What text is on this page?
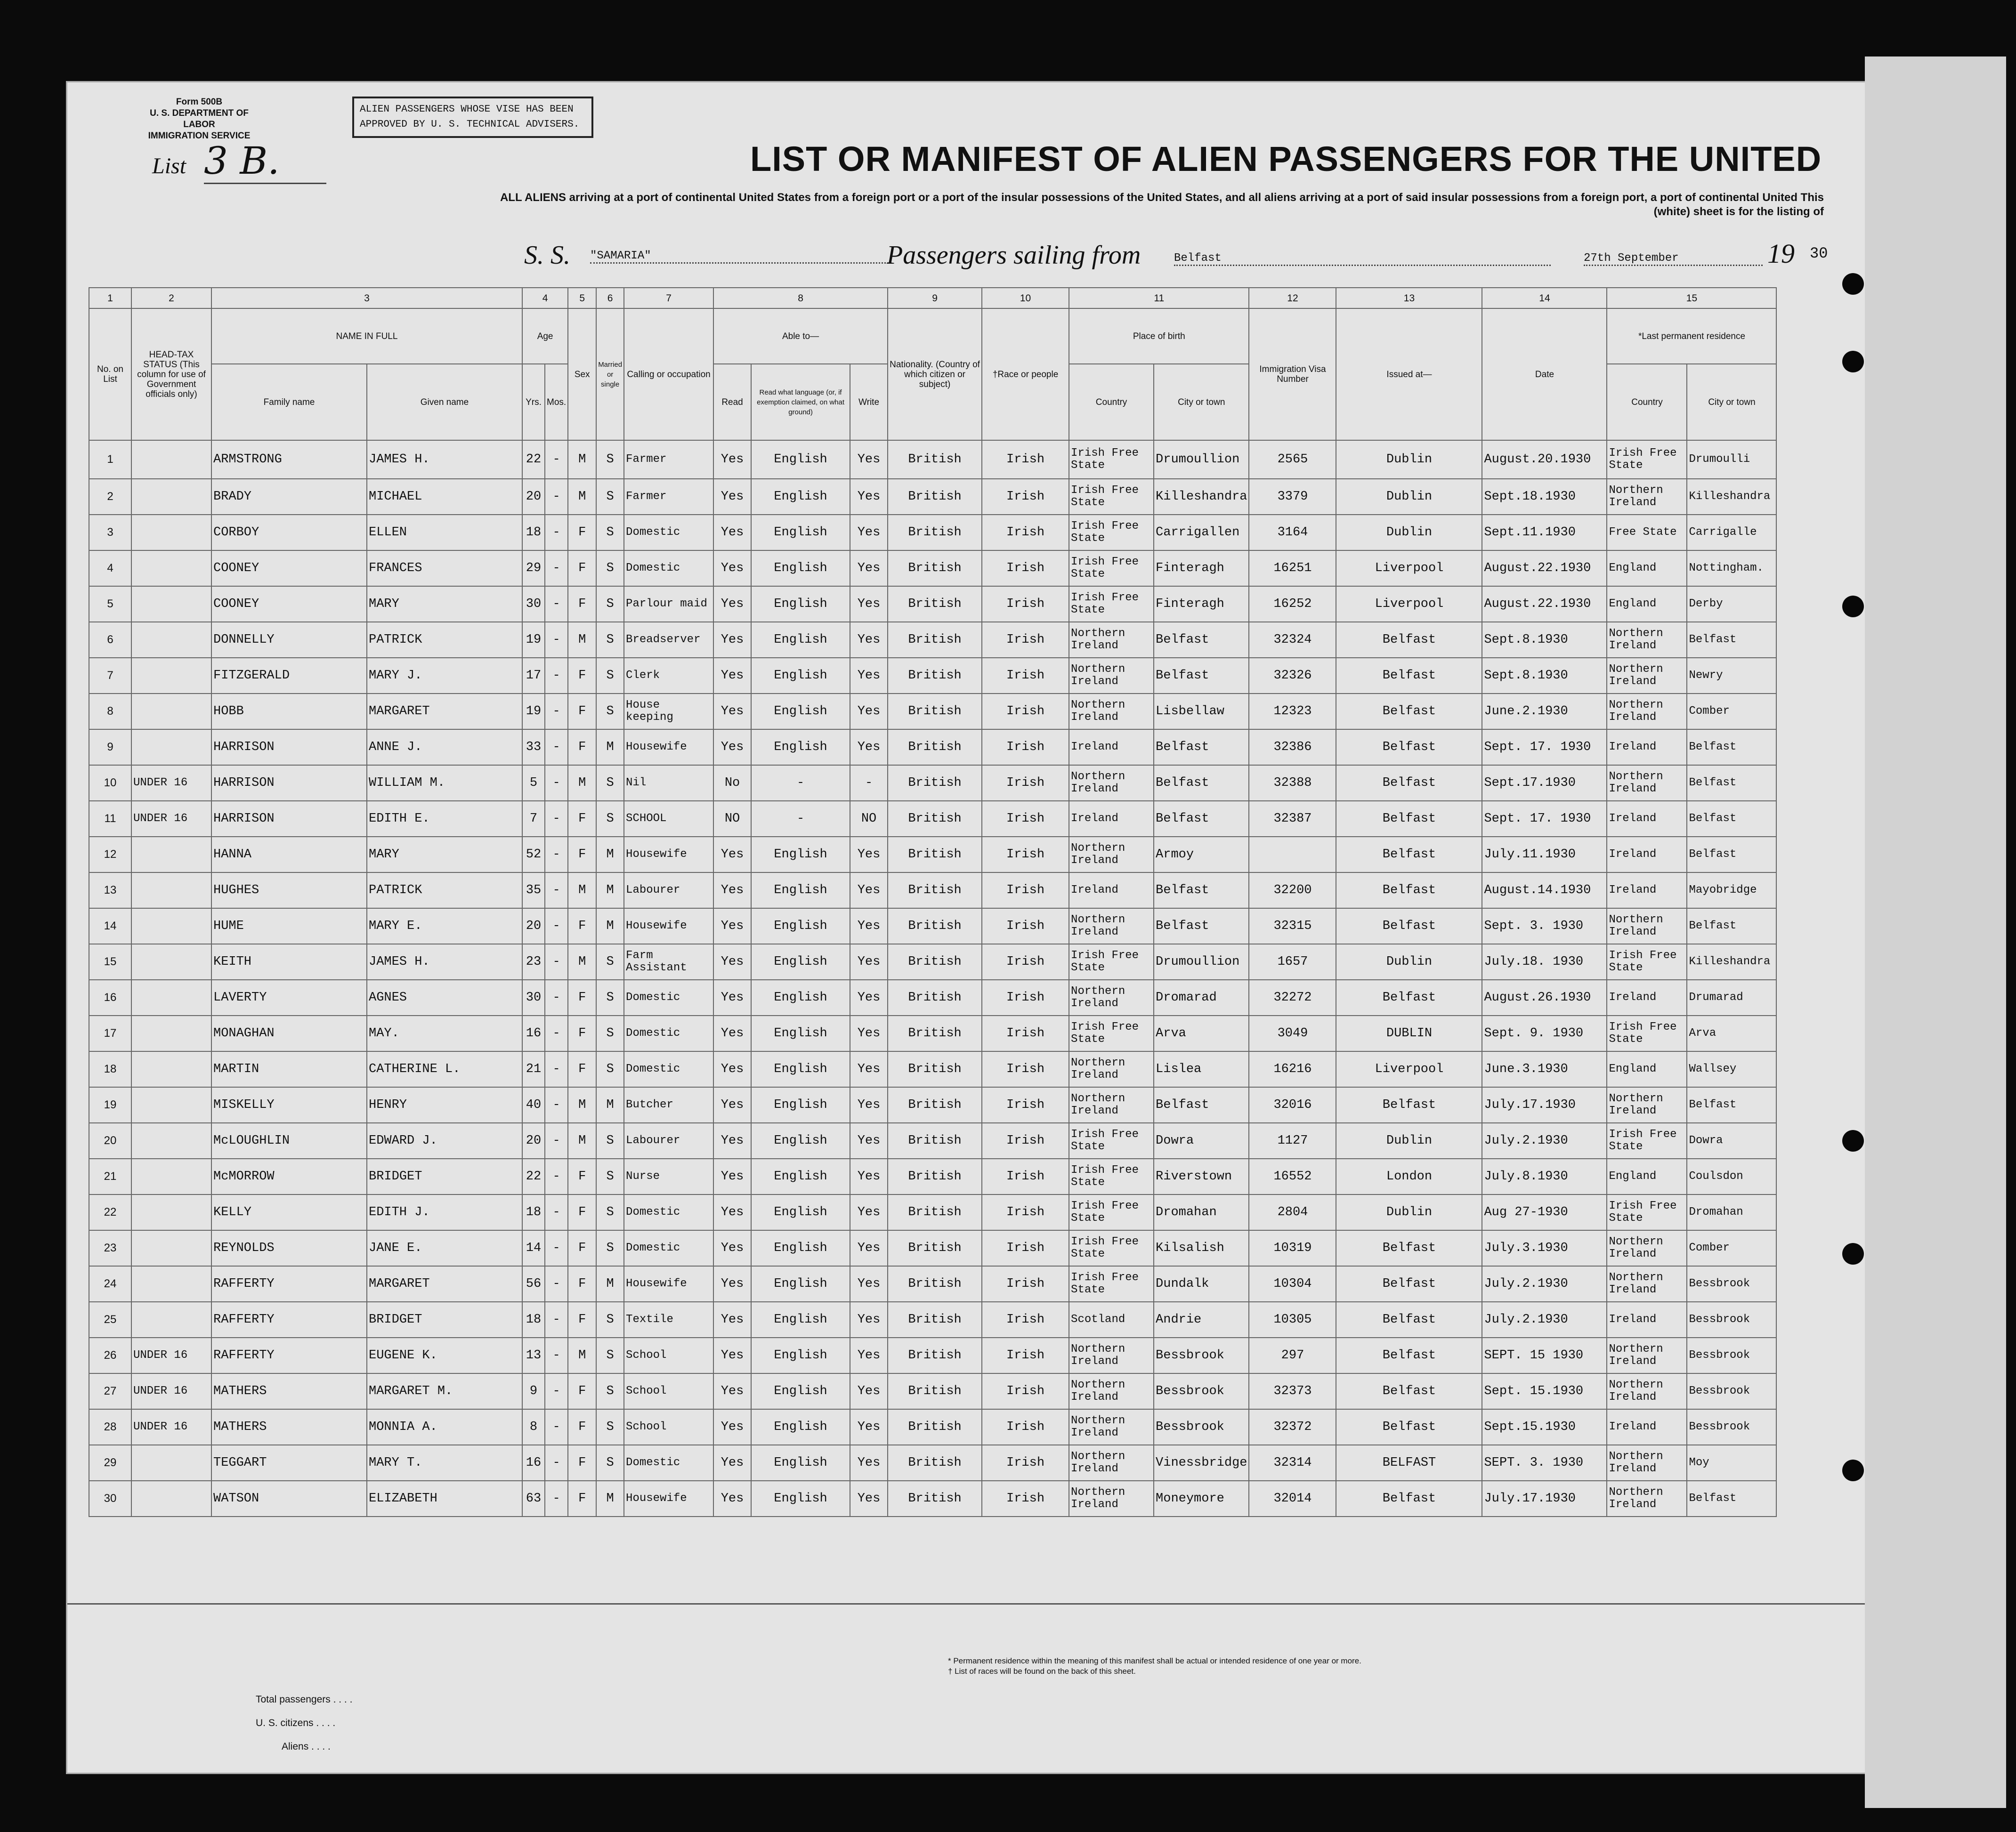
Form 500B
U. S. DEPARTMENT OF LABOR
IMMIGRATION SERVICE
ALIEN PASSENGERS WHOSE VISE HAS BEEN
APPROVED BY U. S. TECHNICAL ADVISERS.
List 3 B.	LIST OR MANIFEST OF ALIEN PASSENGERS FOR THE UNITED
ALL ALIENS arriving at a port of continental United States from a foreign port or a port of the insular possessions of the United States, and all aliens arriving at a port of said insular possessions from a foreign port, a port of continental United This (white) sheet is for the listing of
S. S. "SAMARIA"	Passengers sailing from	Belfast	27th September	19 30
1	2	3		4		5	6	7	8			9	10	11		12	13	14	15	
No. on List	HEAD-TAX STATUS (This column for use of Government officials only)	NAME IN FULL		Age		Sex	Married or single	Calling or occupation	Able to—			Nationality. (Country of which citizen or subject)	†Race or people	Place of birth		Immigration Visa Number	Issued at—	Date	*Last permanent residence	
		Family name	Given name	Yrs.	Mos.				Read	Read what language (or, if exemption claimed, on what ground)	Write			Country	City or town				Country	City or town
1		ARMSTRONG	JAMES H.	22	-	M	S	Farmer	Yes	English	Yes	British	Irish	Irish Free State	Drumoullion	2565	Dublin	August.20.1930	Irish Free State	Drumoulli
2		BRADY	MICHAEL	20	-	M	S	Farmer	Yes	English	Yes	British	Irish	Irish Free State	Killeshandra	3379	Dublin	Sept.18.1930	Northern Ireland	Killeshandra
3		CORBOY	ELLEN	18	-	F	S	Domestic	Yes	English	Yes	British	Irish	Irish Free State	Carrigallen	3164	Dublin	Sept.11.1930	Free State	Carrigalle
4		COONEY	FRANCES	29	-	F	S	Domestic	Yes	English	Yes	British	Irish	Irish Free State	Finteragh	16251	Liverpool	August.22.1930	England	Nottingham.
5		COONEY	MARY	30	-	F	S	Parlour maid	Yes	English	Yes	British	Irish	Irish Free State	Finteragh	16252	Liverpool	August.22.1930	England	Derby
6		DONNELLY	PATRICK	19	-	M	S	Breadserver	Yes	English	Yes	British	Irish	Northern Ireland	Belfast	32324	Belfast	Sept.8.1930	Northern Ireland	Belfast
7		FITZGERALD	MARY J.	17	-	F	S	Clerk	Yes	English	Yes	British	Irish	Northern Ireland	Belfast	32326	Belfast	Sept.8.1930	Northern Ireland	Newry
8		HOBB	MARGARET	19	-	F	S	House keeping	Yes	English	Yes	British	Irish	Northern Ireland	Lisbellaw	12323	Belfast	June.2.1930	Northern Ireland	Comber
9		HARRISON	ANNE J.	33	-	F	M	Housewife	Yes	English	Yes	British	Irish	Ireland	Belfast	32386	Belfast	Sept. 17. 1930	Ireland	Belfast
10	UNDER 16	HARRISON	WILLIAM M.	5	-	M	S	Nil	No	-	-	British	Irish	Northern Ireland	Belfast	32388	Belfast	Sept.17.1930	Northern Ireland	Belfast
11	UNDER 16	HARRISON	EDITH E.	7	-	F	S	SCHOOL	NO	-	NO	British	Irish	Ireland	Belfast	32387	Belfast	Sept. 17. 1930	Ireland	Belfast
12		HANNA	MARY	52	-	F	M	Housewife	Yes	English	Yes	British	Irish	Northern Ireland	Armoy		Belfast	July.11.1930	Ireland	Belfast
13		HUGHES	PATRICK	35	-	M	M	Labourer	Yes	English	Yes	British	Irish	Ireland	Belfast	32200	Belfast	August.14.1930	Ireland	Mayobridge
14		HUME	MARY E.	20	-	F	M	Housewife	Yes	English	Yes	British	Irish	Northern Ireland	Belfast	32315	Belfast	Sept. 3. 1930	Northern Ireland	Belfast
15		KEITH	JAMES H.	23	-	M	S	Farm Assistant	Yes	English	Yes	British	Irish	Irish Free State	Drumoullion	1657	Dublin	July.18. 1930	Irish Free State	Killeshandra
16		LAVERTY	AGNES	30	-	F	S	Domestic	Yes	English	Yes	British	Irish	Northern Ireland	Dromarad	32272	Belfast	August.26.1930	Ireland	Drumarad
17		MONAGHAN	MAY.	16	-	F	S	Domestic	Yes	English	Yes	British	Irish	Irish Free State	Arva	3049	DUBLIN	Sept. 9. 1930	Irish Free State	Arva
18		MARTIN	CATHERINE L.	21	-	F	S	Domestic	Yes	English	Yes	British	Irish	Northern Ireland	Lislea	16216	Liverpool	June.3.1930	England	Wallsey
19		MISKELLY	HENRY	40	-	M	M	Butcher	Yes	English	Yes	British	Irish	Northern Ireland	Belfast	32016	Belfast	July.17.1930	Northern Ireland	Belfast
20		McLOUGHLIN	EDWARD J.	20	-	M	S	Labourer	Yes	English	Yes	British	Irish	Irish Free State	Dowra	1127	Dublin	July.2.1930	Irish Free State	Dowra
21		McMORROW	BRIDGET	22	-	F	S	Nurse	Yes	English	Yes	British	Irish	Irish Free State	Riverstown	16552	London	July.8.1930	England	Coulsdon
22		KELLY	EDITH J.	18	-	F	S	Domestic	Yes	English	Yes	British	Irish	Irish Free State	Dromahan	2804	Dublin	Aug 27-1930	Irish Free State	Dromahan
23		REYNOLDS	JANE E.	14	-	F	S	Domestic	Yes	English	Yes	British	Irish	Irish Free State	Kilsalish	10319	Belfast	July.3.1930	Northern Ireland	Comber
24		RAFFERTY	MARGARET	56	-	F	M	Housewife	Yes	English	Yes	British	Irish	Irish Free State	Dundalk	10304	Belfast	July.2.1930	Northern Ireland	Bessbrook
25		RAFFERTY	BRIDGET	18	-	F	S	Textile	Yes	English	Yes	British	Irish	Scotland	Andrie	10305	Belfast	July.2.1930	Ireland	Bessbrook
26	UNDER 16	RAFFERTY	EUGENE K.	13	-	M	S	School	Yes	English	Yes	British	Irish	Northern Ireland	Bessbrook	297	Belfast	SEPT. 15 1930	Northern Ireland	Bessbrook
27	UNDER 16	MATHERS	MARGARET M.	9	-	F	S	School	Yes	English	Yes	British	Irish	Northern Ireland	Bessbrook	32373	Belfast	Sept. 15.1930	Northern Ireland	Bessbrook
28	UNDER 16	MATHERS	MONNIA A.	8	-	F	S	School	Yes	English	Yes	British	Irish	Northern Ireland	Bessbrook	32372	Belfast	Sept.15.1930	Ireland	Bessbrook
29		TEGGART	MARY T.	16	-	F	S	Domestic	Yes	English	Yes	British	Irish	Northern Ireland	Vinessbridge	32314	BELFAST	SEPT. 3. 1930	Northern Ireland	Moy
30		WATSON	ELIZABETH	63	-	F	M	Housewife	Yes	English	Yes	British	Irish	Northern Ireland	Moneymore	32014	Belfast	July.17.1930	Northern Ireland	Belfast
Total passengers . . . .
U. S. citizens . . . .
Aliens . . . .
* Permanent residence within the meaning of this manifest shall be actual or intended residence of one year or more.
† List of races will be found on the back of this sheet.
